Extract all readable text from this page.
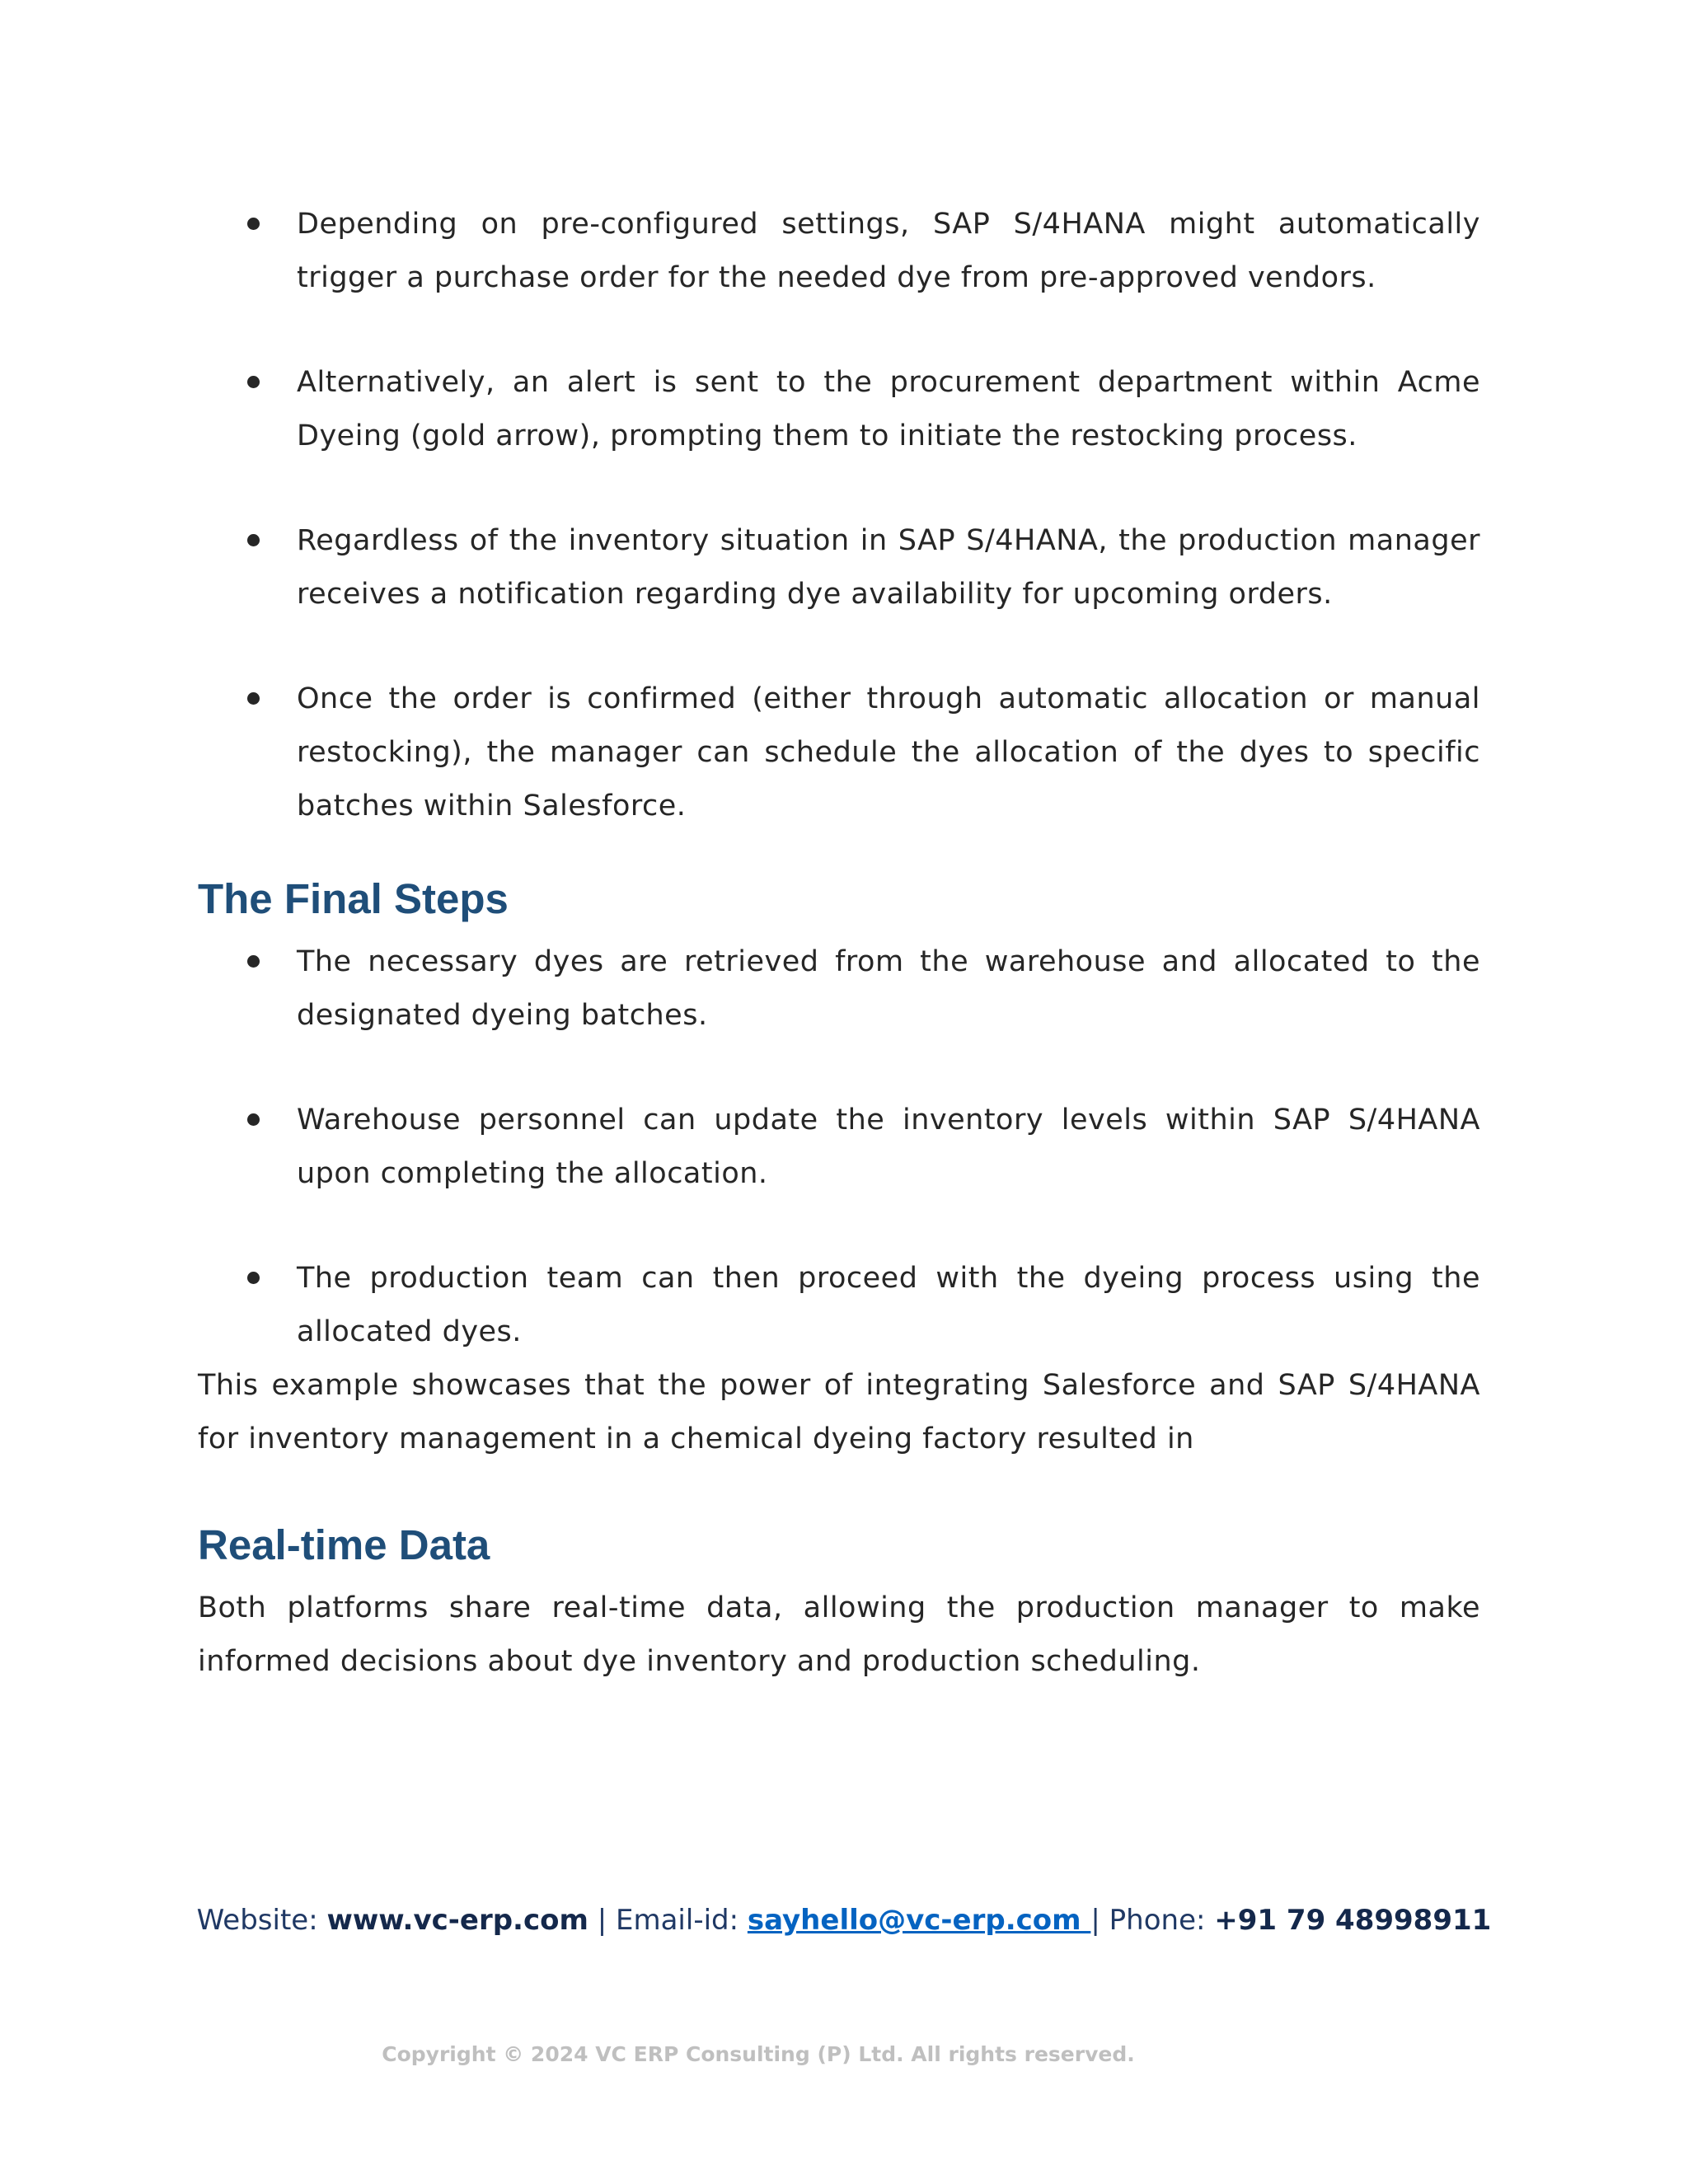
Depending on pre-configured settings, SAP S/4HANA might automatically trigger a purchase order for the needed dye from pre-approved vendors.
Alternatively, an alert is sent to the procurement department within Acme Dyeing (gold arrow), prompting them to initiate the restocking process.
Regardless of the inventory situation in SAP S/4HANA, the production manager receives a notification regarding dye availability for upcoming orders.
Once the order is confirmed (either through automatic allocation or manual restocking), the manager can schedule the allocation of the dyes to specific batches within Salesforce.
The Final Steps
The necessary dyes are retrieved from the warehouse and allocated to the designated dyeing batches.
Warehouse personnel can update the inventory levels within SAP S/4HANA upon completing the allocation.
The production team can then proceed with the dyeing process using the allocated dyes.

This example showcases that the power of integrating Salesforce and SAP S/4HANA for inventory management in a chemical dyeing factory resulted in

Real-time Data

Both platforms share real-time data, allowing the production manager to make informed decisions about dye inventory and production scheduling.

Website: www.vc-erp.com | Email-id: sayhello@vc-erp.com | Phone: +91 79 48998911
Copyright © 2024 VC ERP Consulting (P) Ltd. All rights reserved.
